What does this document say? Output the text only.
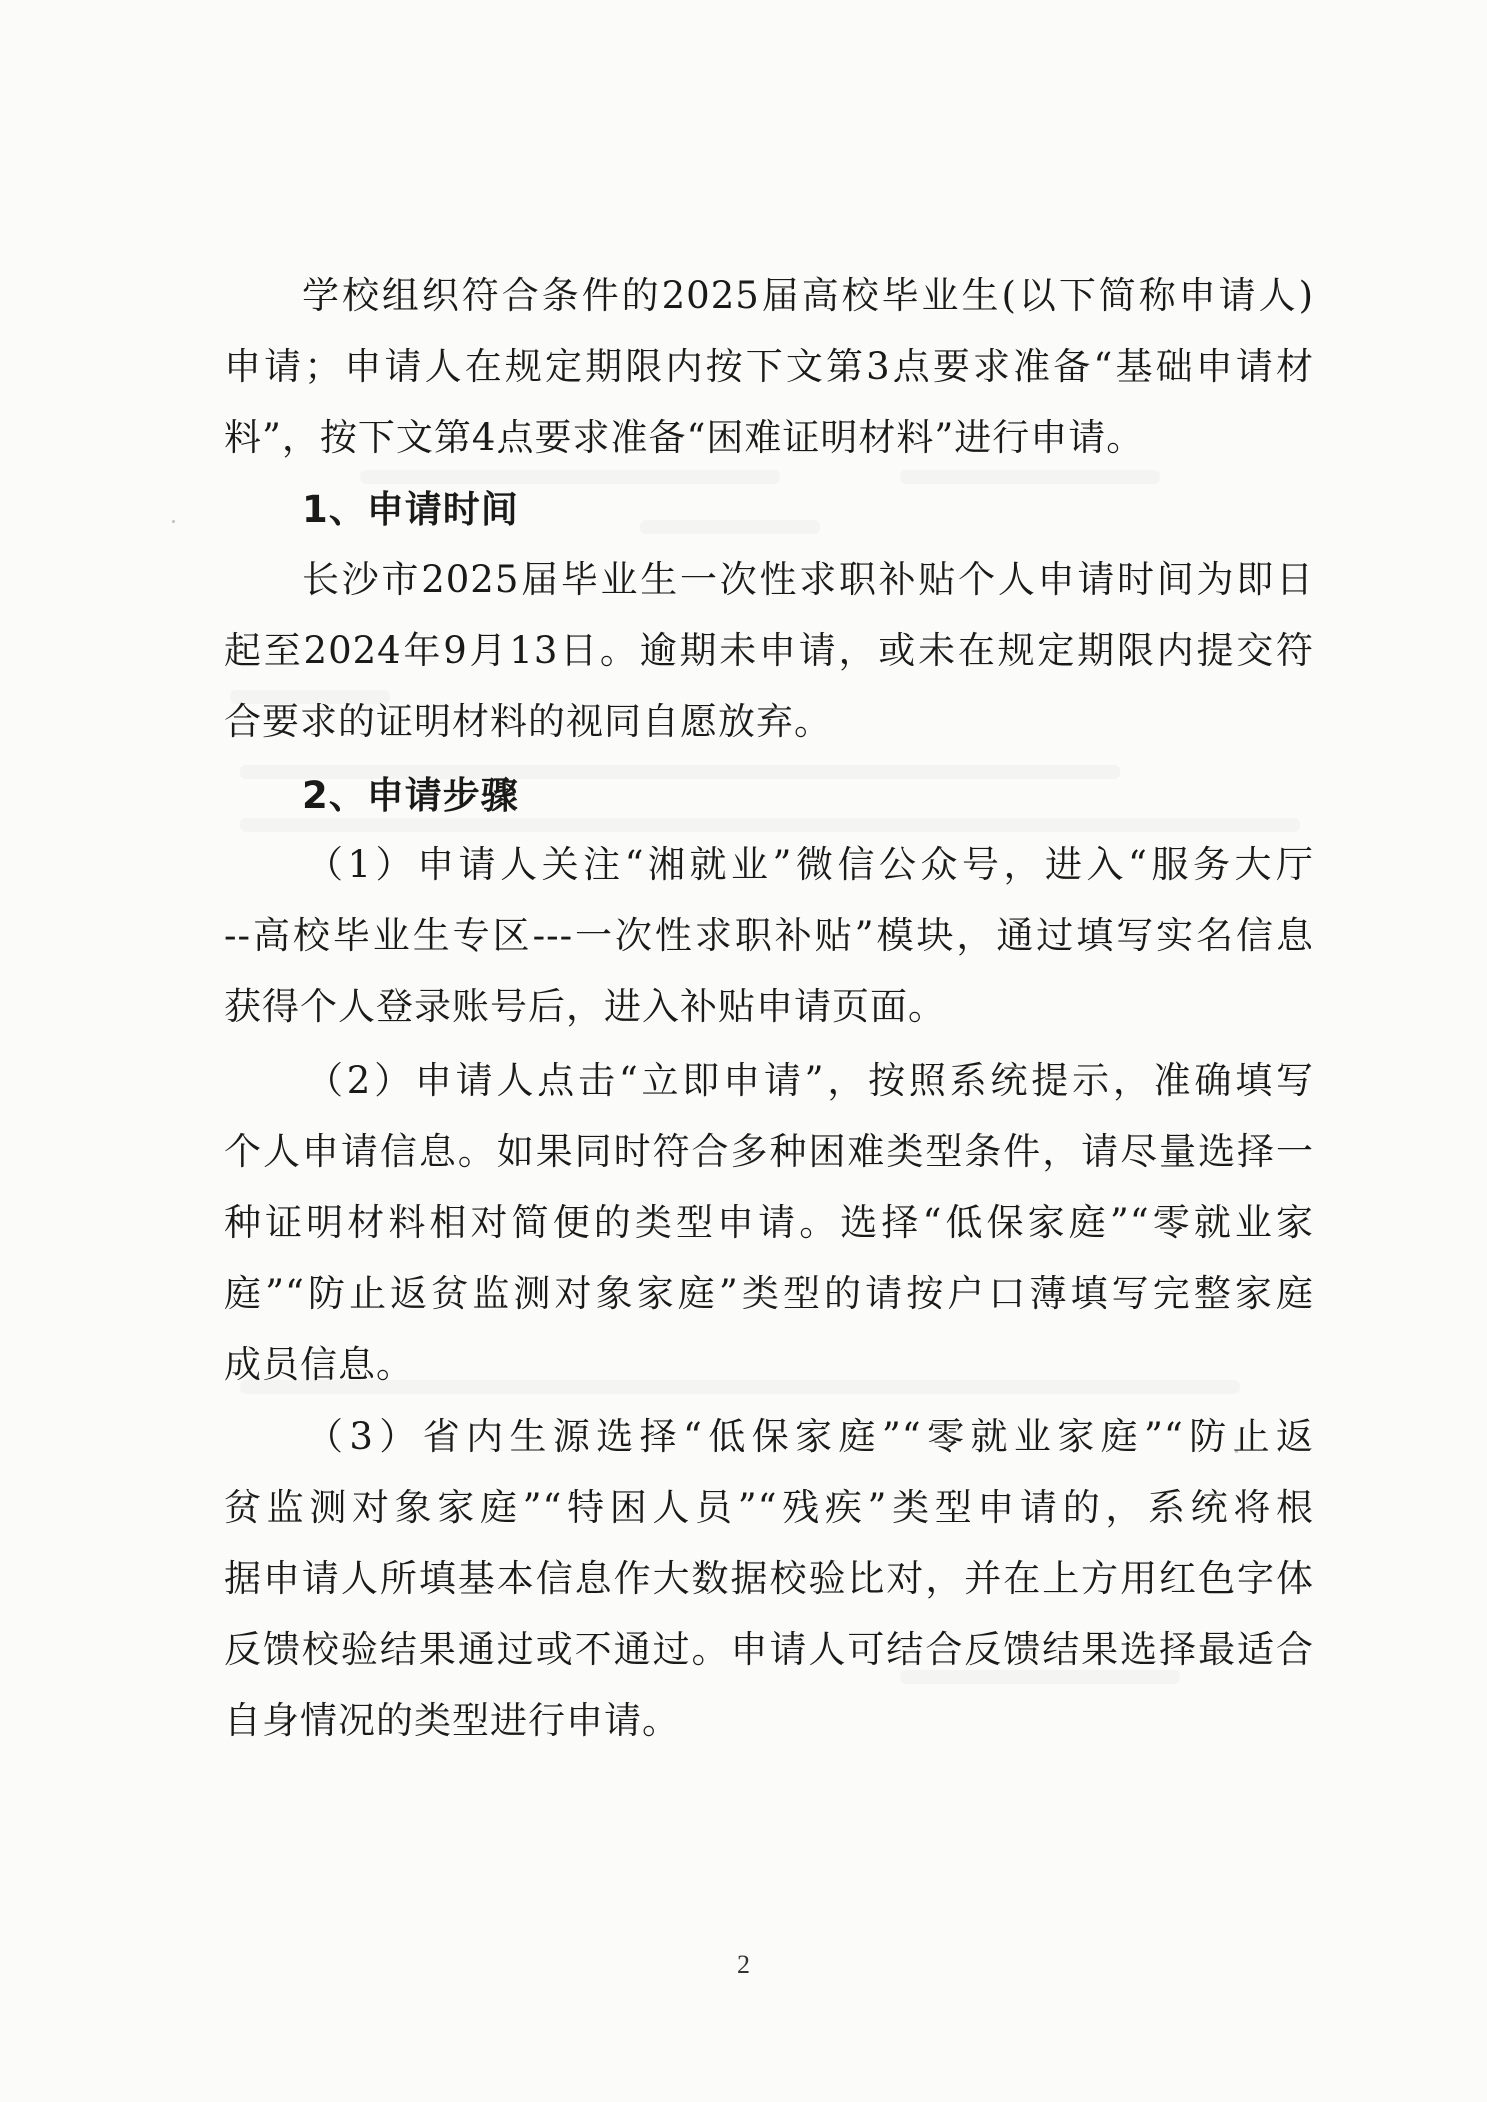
学校组织符合条件的2025届高校毕业生(以下简称申请人)
申请；申请人在规定期限内按下文第3点要求准备“基础申请材
料”，按下文第4点要求准备“困难证明材料”进行申请。
1、申请时间
长沙市2025届毕业生一次性求职补贴个人申请时间为即日
起至2024年9月13日。逾期未申请，或未在规定期限内提交符
合要求的证明材料的视同自愿放弃。
2、申请步骤
（1）申请人关注“湘就业”微信公众号，进入“服务大厅
--高校毕业生专区---一次性求职补贴”模块，通过填写实名信息
获得个人登录账号后，进入补贴申请页面。
（2）申请人点击“立即申请”，按照系统提示，准确填写
个人申请信息。如果同时符合多种困难类型条件，请尽量选择一
种证明材料相对简便的类型申请。选择“低保家庭”“零就业家
庭”“防止返贫监测对象家庭”类型的请按户口薄填写完整家庭
成员信息。
（3）省内生源选择“低保家庭”“零就业家庭”“防止返
贫监测对象家庭”“特困人员”“残疾”类型申请的，系统将根
据申请人所填基本信息作大数据校验比对，并在上方用红色字体
反馈校验结果通过或不通过。申请人可结合反馈结果选择最适合
自身情况的类型进行申请。
2
